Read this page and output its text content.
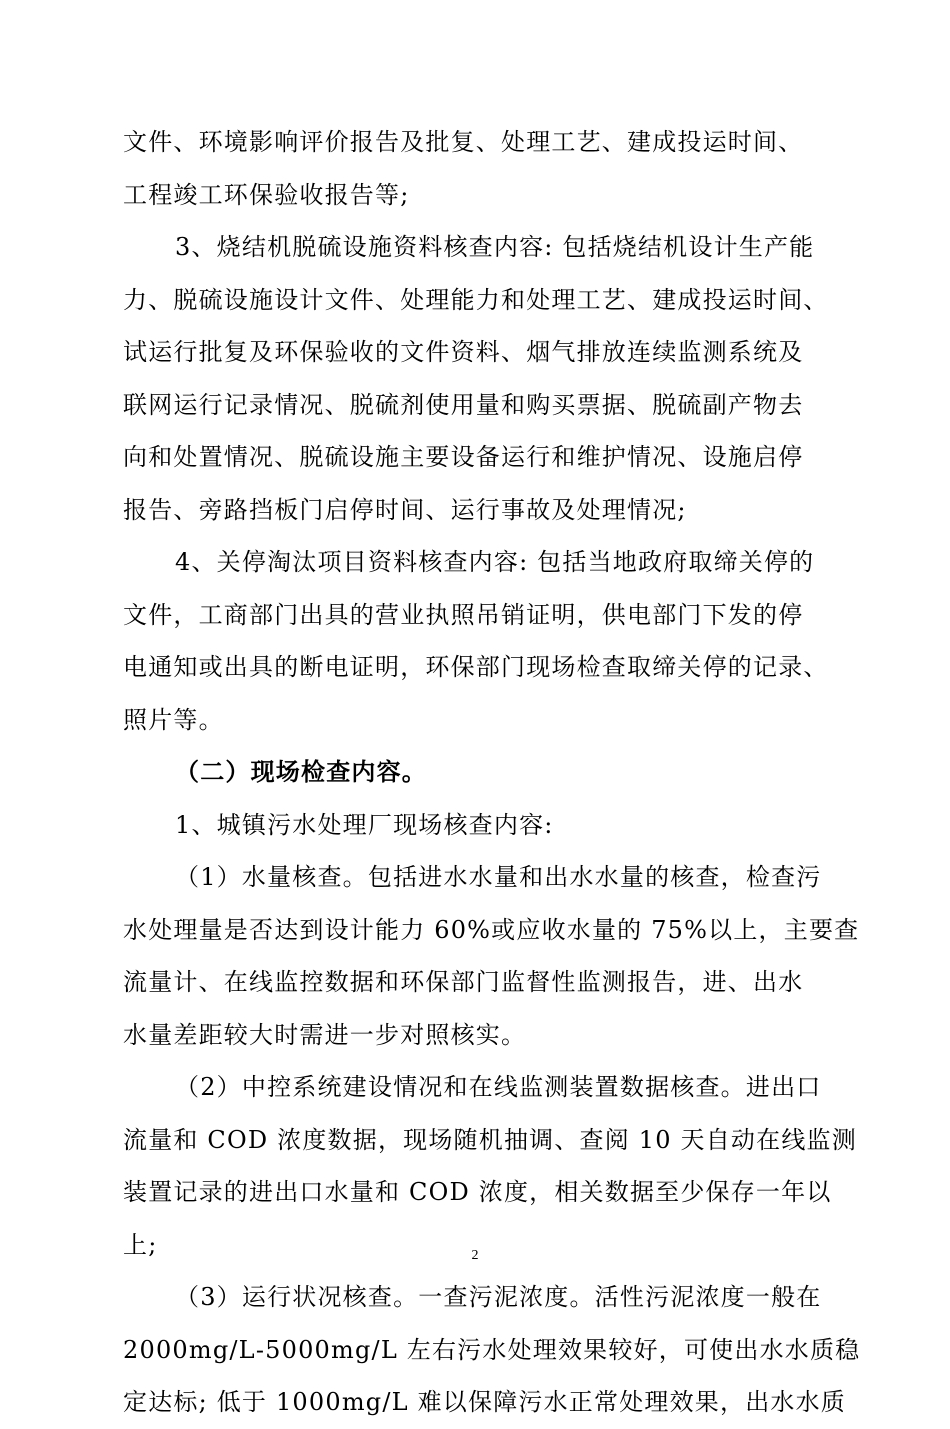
文件、环境影响评价报告及批复、处理工艺、建成投运时间、
工程竣工环保验收报告等;
3、烧结机脱硫设施资料核查内容: 包括烧结机设计生产能
力、脱硫设施设计文件、处理能力和处理工艺、建成投运时间、
试运行批复及环保验收的文件资料、烟气排放连续监测系统及
联网运行记录情况、脱硫剂使用量和购买票据、脱硫副产物去
向和处置情况、脱硫设施主要设备运行和维护情况、设施启停
报告、旁路挡板门启停时间、运行事故及处理情况;
4、关停淘汰项目资料核查内容: 包括当地政府取缔关停的
文件，工商部门出具的营业执照吊销证明，供电部门下发的停
电通知或出具的断电证明，环保部门现场检查取缔关停的记录、
照片等。
（二）现场检查内容。
1、城镇污水处理厂现场核查内容:
（1）水量核查。包括进水水量和出水水量的核查，检查污
水处理量是否达到设计能力 60%或应收水量的 75%以上，主要查
流量计、在线监控数据和环保部门监督性监测报告，进、出水
水量差距较大时需进一步对照核实。
（2）中控系统建设情况和在线监测装置数据核查。进出口
流量和 COD 浓度数据，现场随机抽调、查阅 10 天自动在线监测
装置记录的进出口水量和 COD 浓度，相关数据至少保存一年以
上;
（3）运行状况核查。一查污泥浓度。活性污泥浓度一般在
2000mg/L-5000mg/L 左右污水处理效果较好，可使出水水质稳
定达标; 低于 1000mg/L 难以保障污水正常处理效果，出水水质
2
